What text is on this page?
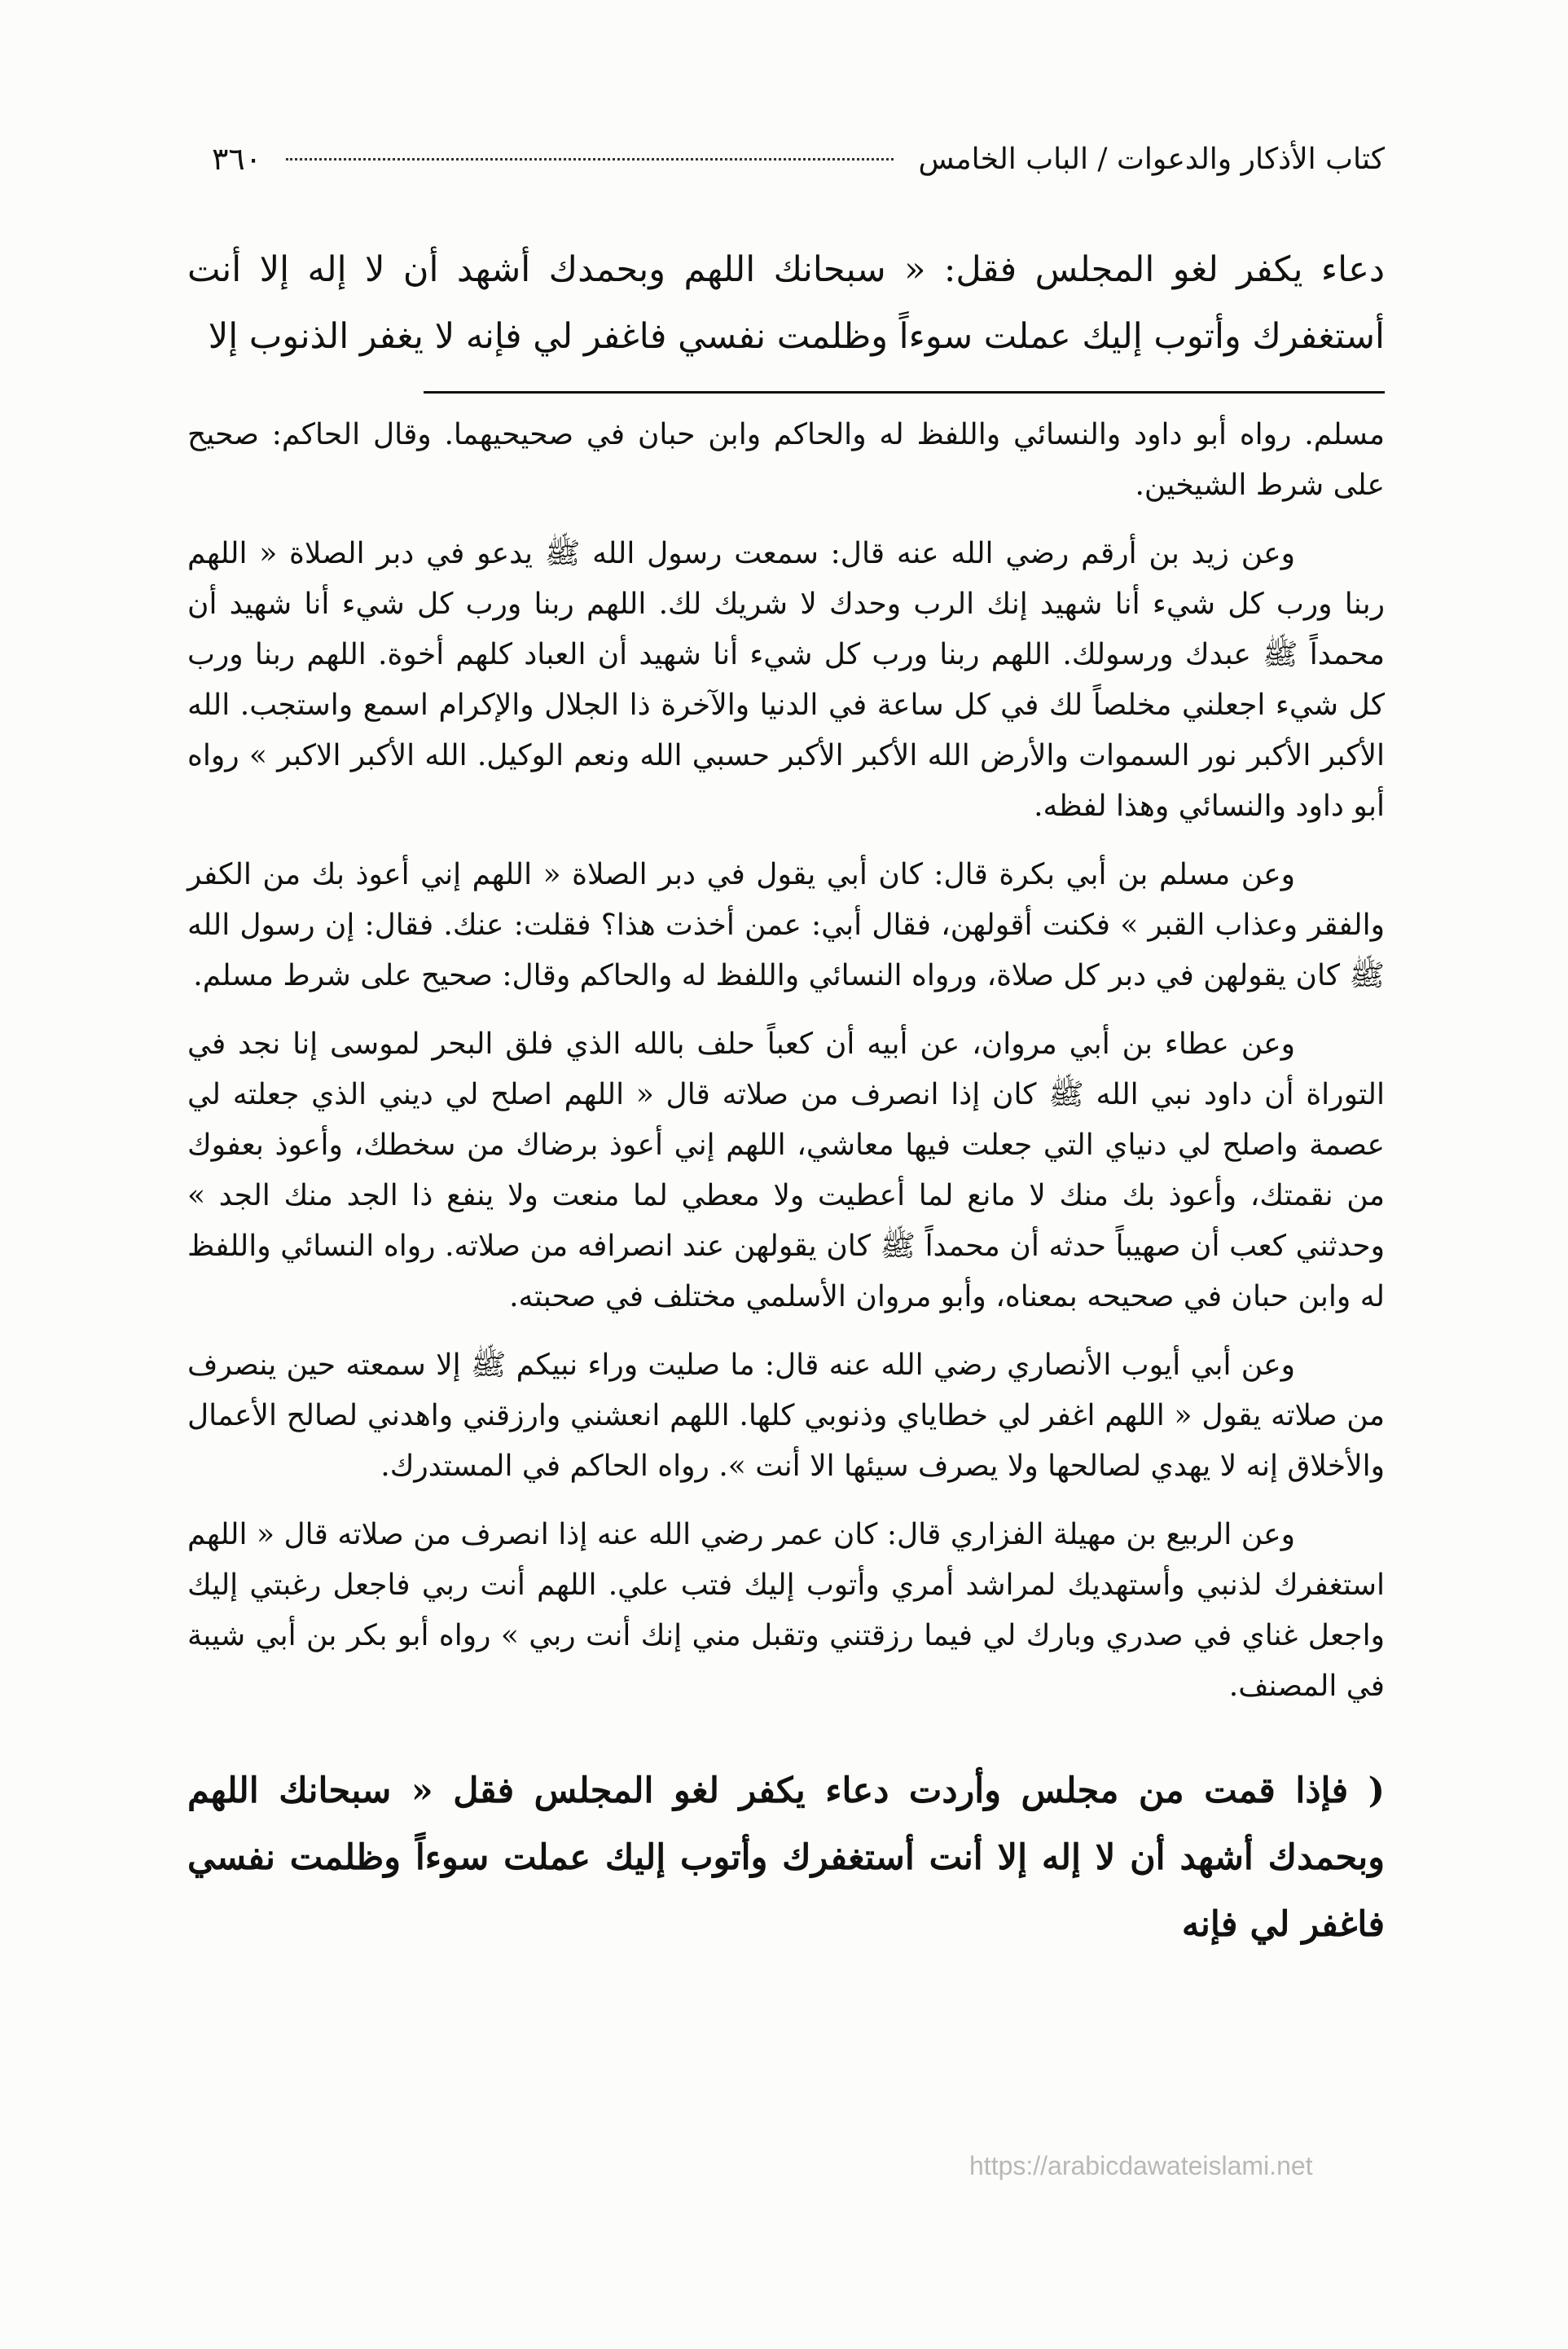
كتاب الأذكار والدعوات / الباب الخامس
٣٦٠
دعاء يكفر لغو المجلس فقل: « سبحانك اللهم وبحمدك أشهد أن لا إله إلا أنت أستغفرك وأتوب إليك عملت سوءاً وظلمت نفسي فاغفر لي فإنه لا يغفر الذنوب إلا

مسلم. رواه أبو داود والنسائي واللفظ له والحاكم وابن حبان في صحيحيهما. وقال الحاكم: صحيح على شرط الشيخين.

وعن زيد بن أرقم رضي الله عنه قال: سمعت رسول الله ﷺ يدعو في دبر الصلاة « اللهم ربنا ورب كل شيء أنا شهيد إنك الرب وحدك لا شريك لك. اللهم ربنا ورب كل شيء أنا شهيد أن محمداً ﷺ عبدك ورسولك. اللهم ربنا ورب كل شيء أنا شهيد أن العباد كلهم أخوة. اللهم ربنا ورب كل شيء اجعلني مخلصاً لك في كل ساعة في الدنيا والآخرة ذا الجلال والإكرام اسمع واستجب. الله الأكبر الأكبر نور السموات والأرض الله الأكبر الأكبر حسبي الله ونعم الوكيل. الله الأكبر الاكبر » رواه أبو داود والنسائي وهذا لفظه.

وعن مسلم بن أبي بكرة قال: كان أبي يقول في دبر الصلاة « اللهم إني أعوذ بك من الكفر والفقر وعذاب القبر » فكنت أقولهن، فقال أبي: عمن أخذت هذا؟ فقلت: عنك. فقال: إن رسول الله ﷺ كان يقولهن في دبر كل صلاة، ورواه النسائي واللفظ له والحاكم وقال: صحيح على شرط مسلم.

وعن عطاء بن أبي مروان، عن أبيه أن كعباً حلف بالله الذي فلق البحر لموسى إنا نجد في التوراة أن داود نبي الله ﷺ كان إذا انصرف من صلاته قال « اللهم اصلح لي ديني الذي جعلته لي عصمة واصلح لي دنياي التي جعلت فيها معاشي، اللهم إني أعوذ برضاك من سخطك، وأعوذ بعفوك من نقمتك، وأعوذ بك منك لا مانع لما أعطيت ولا معطي لما منعت ولا ينفع ذا الجد منك الجد » وحدثني كعب أن صهيباً حدثه أن محمداً ﷺ كان يقولهن عند انصرافه من صلاته. رواه النسائي واللفظ له وابن حبان في صحيحه بمعناه، وأبو مروان الأسلمي مختلف في صحبته.

وعن أبي أيوب الأنصاري رضي الله عنه قال: ما صليت وراء نبيكم ﷺ إلا سمعته حين ينصرف من صلاته يقول « اللهم اغفر لي خطاياي وذنوبي كلها. اللهم انعشني وارزقني واهدني لصالح الأعمال والأخلاق إنه لا يهدي لصالحها ولا يصرف سيئها الا أنت ». رواه الحاكم في المستدرك.

وعن الربيع بن مهيلة الفزاري قال: كان عمر رضي الله عنه إذا انصرف من صلاته قال « اللهم استغفرك لذنبي وأستهديك لمراشد أمري وأتوب إليك فتب علي. اللهم أنت ربي فاجعل رغبتي إليك واجعل غناي في صدري وبارك لي فيما رزقتني وتقبل مني إنك أنت ربي » رواه أبو بكر بن أبي شيبة في المصنف.

( فإذا قمت من مجلس وأردت دعاء يكفر لغو المجلس فقل « سبحانك اللهم وبحمدك أشهد أن لا إله إلا أنت أستغفرك وأتوب إليك عملت سوءاً وظلمت نفسي فاغفر لي فإنه
https://arabicdawateislami.net
